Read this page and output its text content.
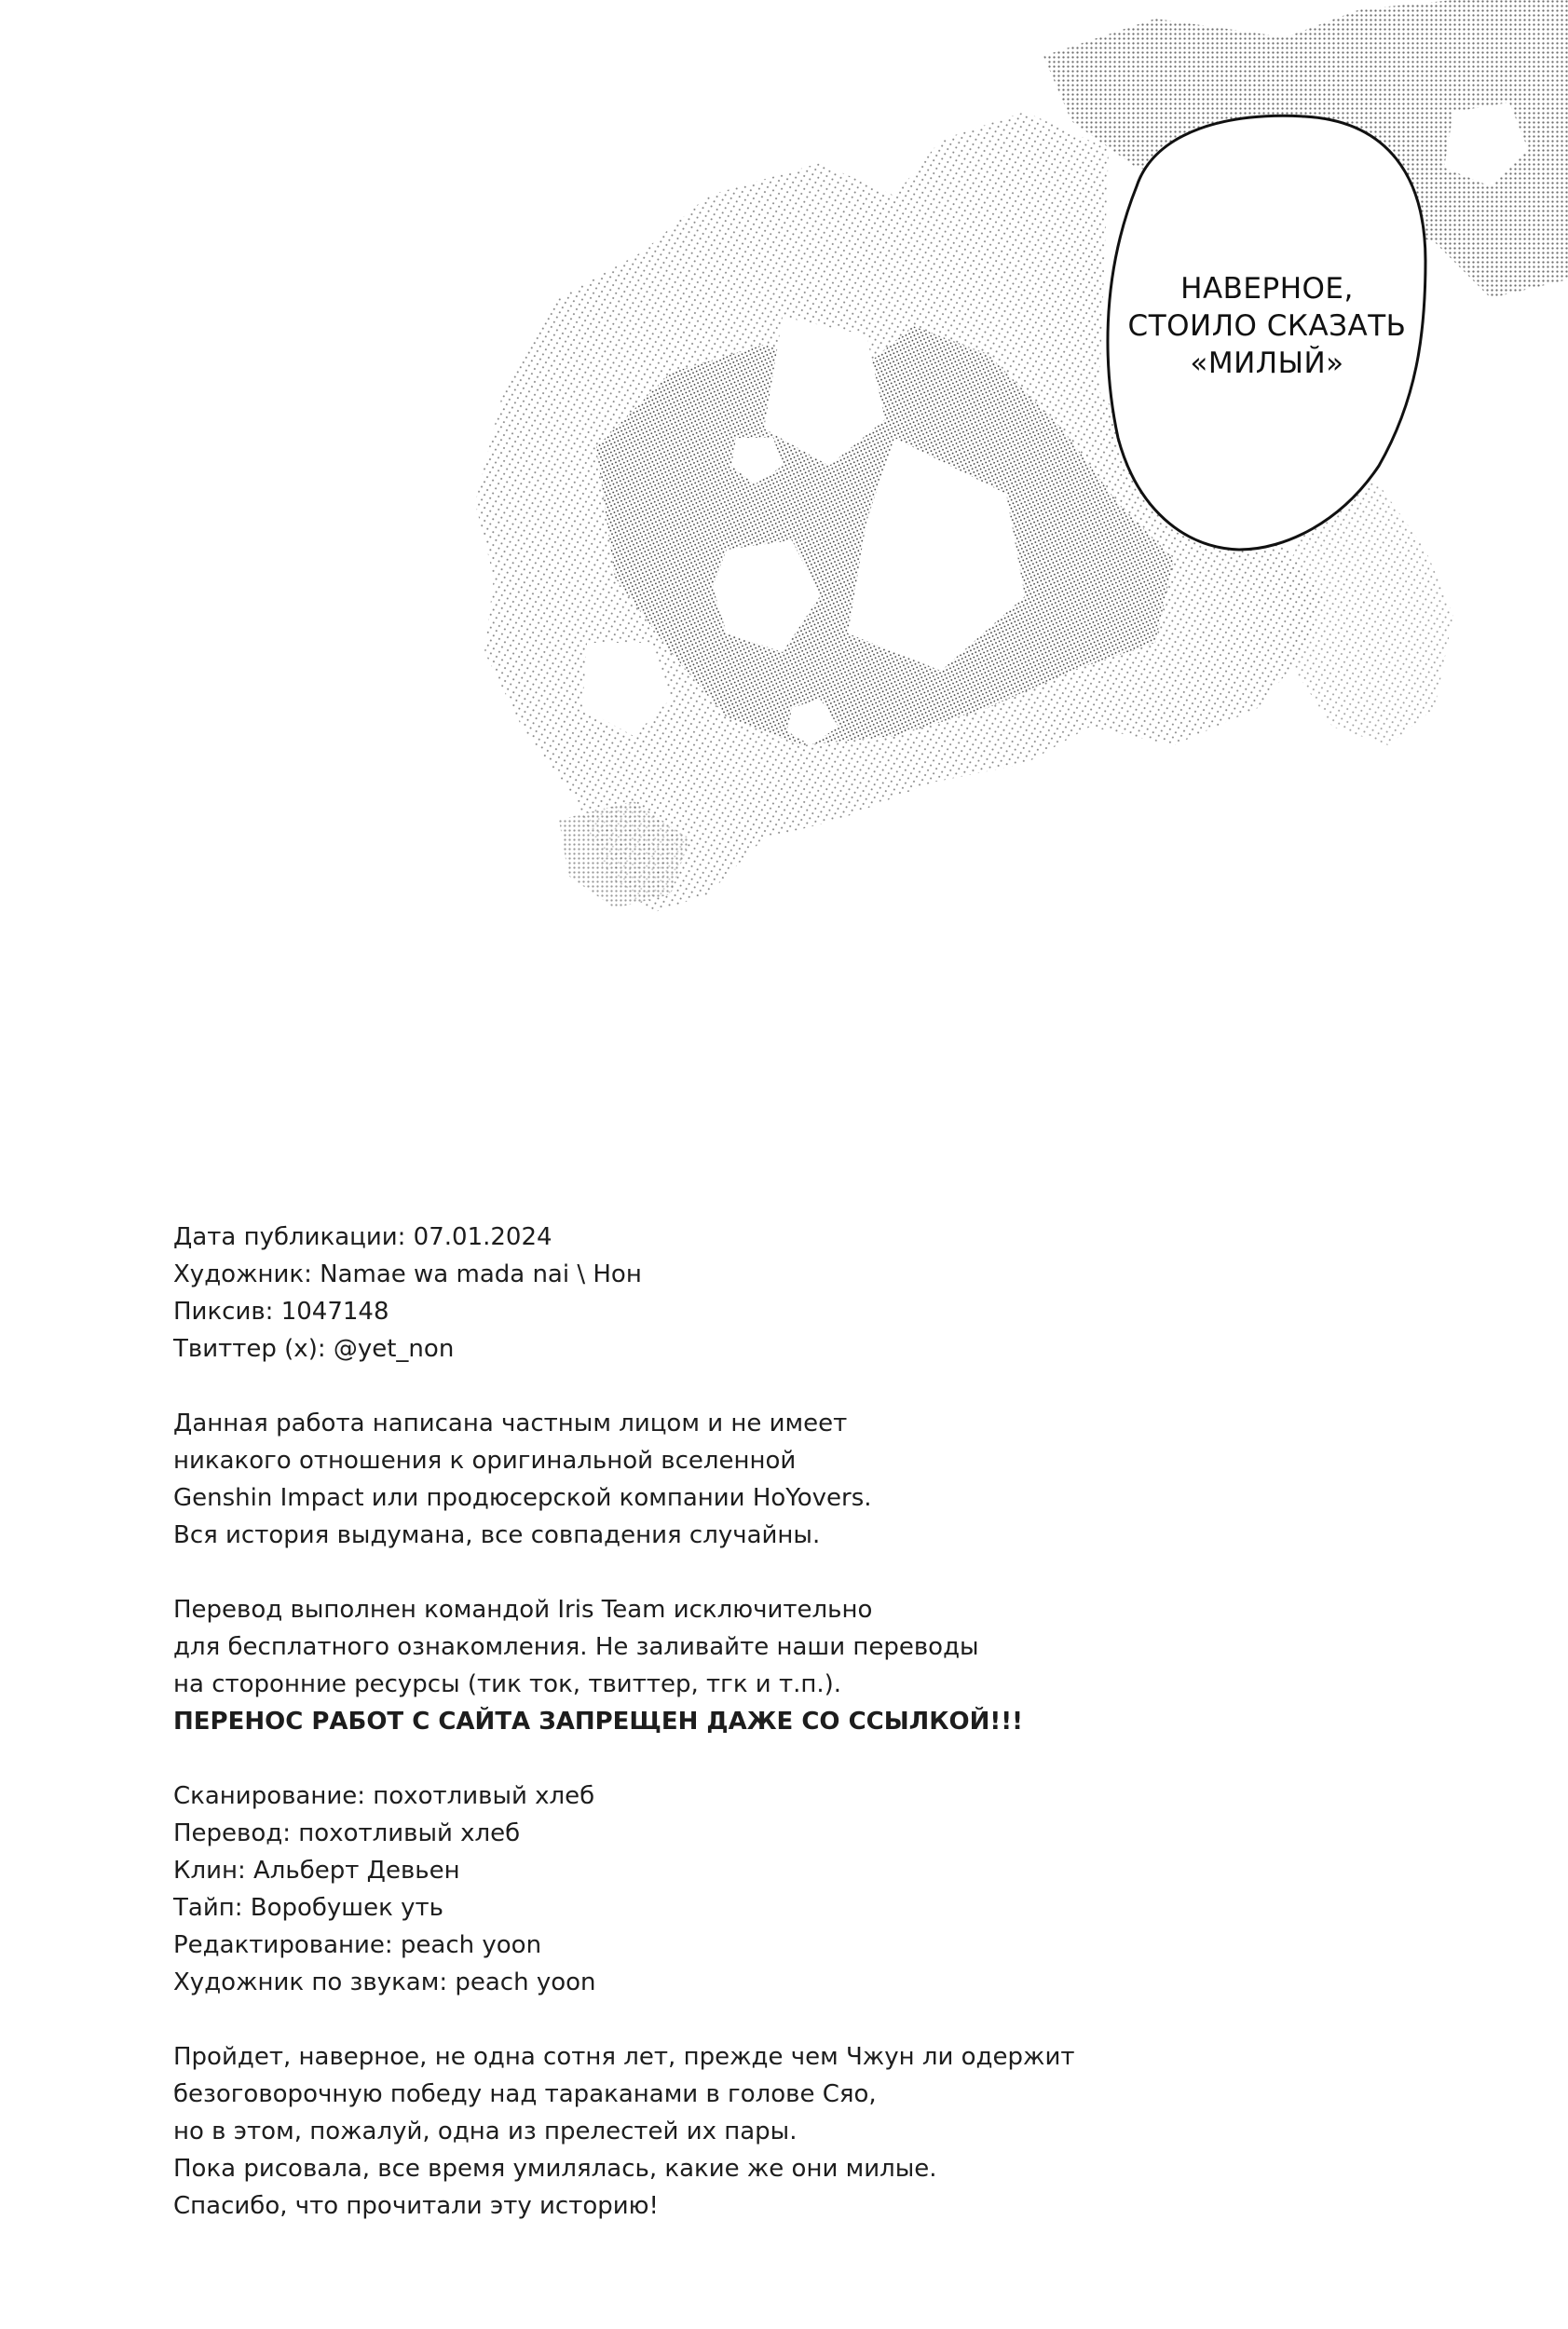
НАВЕРНОЕ,
СТОИЛО СКАЗАТЬ
«МИЛЫЙ»
Дата публикации: 07.01.2024
Художник: Namae wa mada nai \ Нон
Пиксив: 1047148
Твиттер (x): @yet_non
Данная работа написана частным лицом и не имеет
никакого отношения к оригинальной вселенной
Genshin Impact или продюсерской компании HoYovers.
Вся история выдумана, все совпадения случайны.
Перевод выполнен командой Iris Team исключительно
для бесплатного ознакомления. Не заливайте наши переводы
на сторонние ресурсы (тик ток, твиттер, тгк и т.п.).
ПЕРЕНОС РАБОТ С САЙТА ЗАПРЕЩЕН ДАЖЕ СО ССЫЛКОЙ!!!
Сканирование: похотливый хлеб
Перевод: похотливый хлеб
Клин: Альберт Девьен
Тайп: Воробушек уть
Редактирование: peach yoon
Художник по звукам: peach yoon
Пройдет, наверное, не одна сотня лет, прежде чем Чжун ли одержит
безоговорочную победу над тараканами в голове Сяо,
но в этом, пожалуй, одна из прелестей их пары.
Пока рисовала, все время умилялась, какие же они милые.
Спасибо, что прочитали эту историю!
